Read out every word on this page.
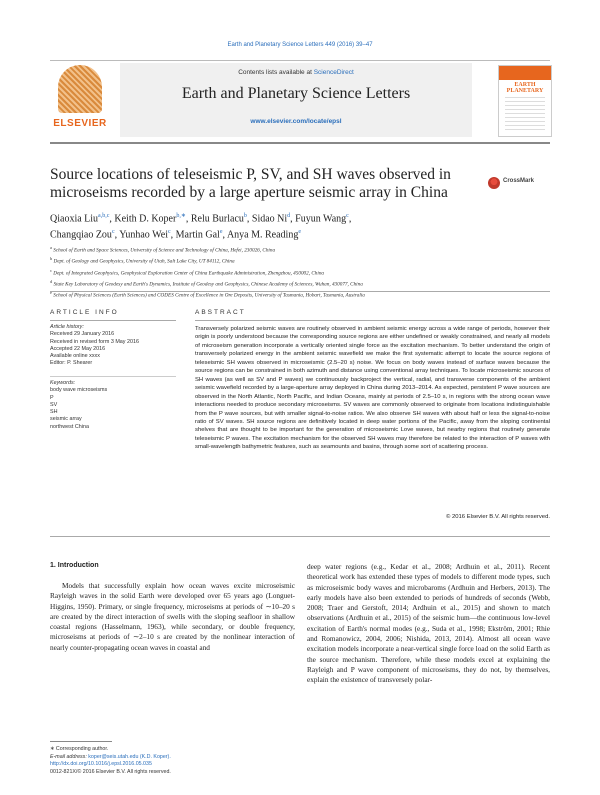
Earth and Planetary Science Letters 449 (2016) 39–47
ELSEVIER
Contents lists available at ScienceDirect
Earth and Planetary Science Letters
www.elsevier.com/locate/epsl
EARTH PLANETARY
Source locations of teleseismic P, SV, and SH waves observed in microseisms recorded by a large aperture seismic array in China
CrossMark
Qiaoxia Liu$^{a,b,c}$, Keith D. Koper$^{b,∗}$, Relu Burlacu$^b$, Sidao Ni$^d$, Fuyun Wang$^c$,
Changqiao Zou$^c$, Yunhao Wei$^c$, Martin Gal$^e$, Anya M. Reading$^e$
$^a$ School of Earth and Space Sciences, University of Science and Technology of China, Hefei, 230026, China
$^b$ Dept. of Geology and Geophysics, University of Utah, Salt Lake City, UT 84112, China
$^c$ Dept. of Integrated Geophysics, Geophysical Exploration Center of China Earthquake Administration, Zhengzhou, 450002, China
$^d$ State Key Laboratory of Geodesy and Earth's Dynamics, Institute of Geodesy and Geophysics, Chinese Academy of Sciences, Wuhan, 430077, China
$^e$ School of Physical Sciences (Earth Sciences) and CODES Centre of Excellence in Ore Deposits, University of Tasmania, Hobart, Tasmania, Australia
ARTICLE INFO
Article history:
Received 29 January 2016
Received in revised form 3 May 2016
Accepted 22 May 2016
Available online xxxx
Editor: P. Shearer
Keywords:
body wave microseisms
P
SV
SH
seismic array
northwest China
ABSTRACT
Transversely polarized seismic waves are routinely observed in ambient seismic energy across a wide range of periods, however their origin is poorly understood because the corresponding source regions are either undefined or weakly constrained, and nearly all models of microseism generation incorporate a vertically oriented single force as the excitation mechanism. To better understand the origin of transversely polarized energy in the ambient seismic wavefield we make the first systematic attempt to locate the source regions of teleseismic SH waves observed in microseismic (2.5–20 s) noise. We focus on body waves instead of surface waves because the source regions can be constrained in both azimuth and distance using conventional array techniques. To locate microseismic sources of SH waves (as well as SV and P waves) we continuously backproject the vertical, radial, and transverse components of the ambient seismic wavefield recorded by a large-aperture array deployed in China during 2013–2014. As expected, persistent P wave sources are observed in the North Atlantic, North Pacific, and Indian Oceans, mainly at periods of 2.5–10 s, in regions with the strong ocean wave interactions needed to produce secondary microseisms. SV waves are commonly observed to originate from locations indistinguishable from the P wave sources, but with smaller signal-to-noise ratios. We also observe SH waves with about half or less the signal-to-noise ratio of SV waves. SH source regions are definitively located in deep water portions of the Pacific, away from the sloping continental shelves that are thought to be important for the generation of microseismic Love waves, but nearby regions that routinely generate teleseismic P waves. The excitation mechanism for the observed SH waves may therefore be related to the interaction of P waves with small-wavelength bathymetric features, such as seamounts and basins, through some sort of scattering process.
© 2016 Elsevier B.V. All rights reserved.
1. Introduction

Models that successfully explain how ocean waves excite microseismic Rayleigh waves in the solid Earth were developed over 65 years ago (Longuet-Higgins, 1950). Primary, or single frequency, microseisms at periods of ∼10–20 s are created by the direct interaction of swells with the sloping seafloor in shallow coastal regions (Hasselmann, 1963), while secondary, or double frequency, microseisms at periods of ∼2–10 s are created by the nonlinear interaction of nearly counter-propagating ocean waves in coastal and

deep water regions (e.g., Kedar et al., 2008; Ardhuin et al., 2011). Recent theoretical work has extended these types of models to different mode types, such as microseismic body waves and microbaroms (Ardhuin and Herbers, 2013). The early models have also been extended to periods of hundreds of seconds (Webb, 2008; Traer and Gerstoft, 2014; Ardhuin et al., 2015) and shown to match observations (Ardhuin et al., 2015) of the seismic hum—the continuous low-level excitation of Earth's normal modes (e.g., Suda et al., 1998; Ekström, 2001; Rhie and Romanowicz, 2004, 2006; Nishida, 2013, 2014). Almost all ocean wave excitation models incorporate a near-vertical single force load on the solid Earth as the source mechanism. Therefore, while these models excel at explaining the Rayleigh and P wave component of microseisms, they do not, by themselves, explain the existence of transversely polar-

∗ Corresponding author.
E-mail address: koper@seis.utah.edu (K.D. Koper).
http://dx.doi.org/10.1016/j.epsl.2016.05.035
0012-821X/© 2016 Elsevier B.V. All rights reserved.
